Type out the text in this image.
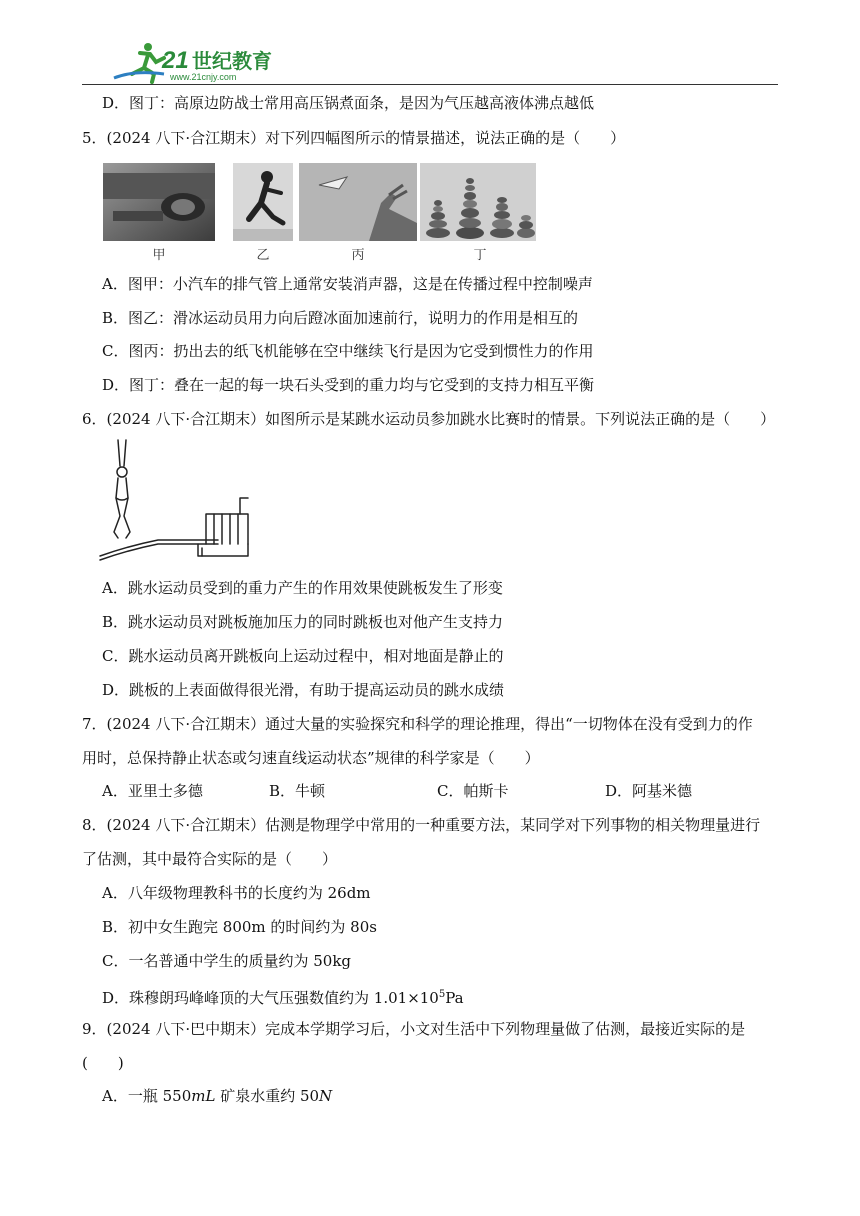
21 世纪教育
www.21cnjy.com
D．图丁：高原边防战士常用高压锅煮面条，是因为气压越高液体沸点越低
5．(2024 八下·合江期末）对下列四幅图所示的情景描述，说法正确的是（　　）
甲	乙	丙	丁
A．图甲：小汽车的排气管上通常安装消声器，这是在传播过程中控制噪声
B．图乙：滑冰运动员用力向后蹬冰面加速前行，说明力的作用是相互的
C．图丙：扔出去的纸飞机能够在空中继续飞行是因为它受到惯性力的作用
D．图丁：叠在一起的每一块石头受到的重力均与它受到的支持力相互平衡
6．(2024 八下·合江期末）如图所示是某跳水运动员参加跳水比赛时的情景。下列说法正确的是（　　）
A．跳水运动员受到的重力产生的作用效果使跳板发生了形变
B．跳水运动员对跳板施加压力的同时跳板也对他产生支持力
C．跳水运动员离开跳板向上运动过程中，相对地面是静止的
D．跳板的上表面做得很光滑，有助于提高运动员的跳水成绩
7．(2024 八下·合江期末）通过大量的实验探究和科学的理论推理，得出“一切物体在没有受到力的作
用时，总保持静止状态或匀速直线运动状态”规律的科学家是（　　）
A．亚里士多德	B．牛顿	C．帕斯卡	D．阿基米德
8．(2024 八下·合江期末）估测是物理学中常用的一种重要方法，某同学对下列事物的相关物理量进行
了估测，其中最符合实际的是（　　）
A．八年级物理教科书的长度约为 26dm
B．初中女生跑完 800m 的时间约为 80s
C．一名普通中学生的质量约为 50kg
D．珠穆朗玛峰峰顶的大气压强数值约为 $1.01\times 10^5Pa$
9．(2024 八下·巴中期末）完成本学期学习后，小文对生活中下列物理量做了估测，最接近实际的是
(　　)
A．一瓶 550mL 矿泉水重约 50N
